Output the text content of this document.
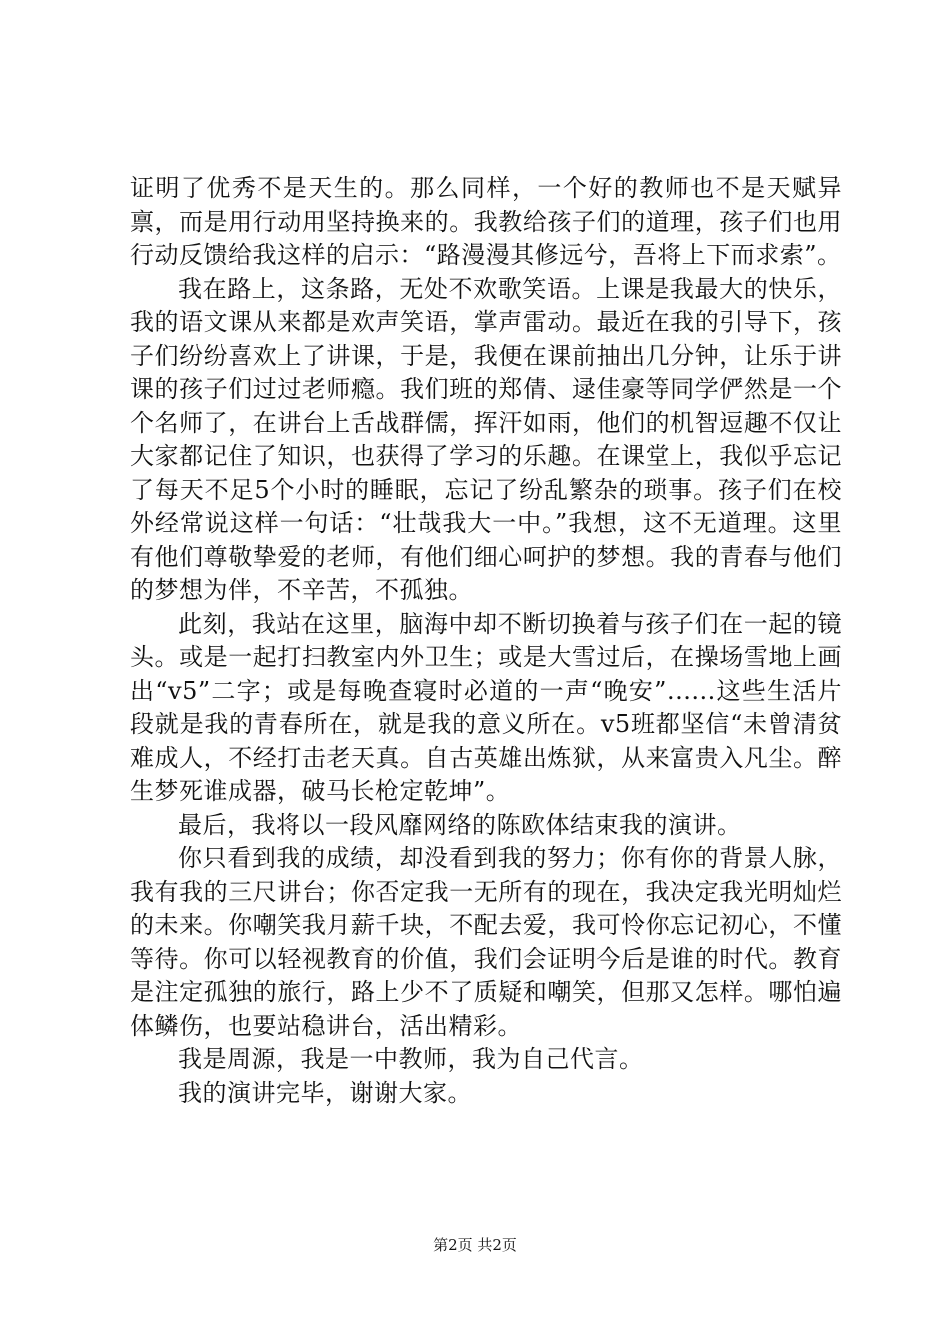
证明了优秀不是天生的。那么同样，一个好的教师也不是天赋异禀，而是用行动用坚持换来的。我教给孩子们的道理，孩子们也用行动反馈给我这样的启示：“路漫漫其修远兮，吾将上下而求索”。

我在路上，这条路，无处不欢歌笑语。上课是我最大的快乐，我的语文课从来都是欢声笑语，掌声雷动。最近在我的引导下，孩子们纷纷喜欢上了讲课，于是，我便在课前抽出几分钟，让乐于讲课的孩子们过过老师瘾。我们班的郑倩、逯佳豪等同学俨然是一个个名师了，在讲台上舌战群儒，挥汗如雨，他们的机智逗趣不仅让大家都记住了知识，也获得了学习的乐趣。在课堂上，我似乎忘记了每天不足5个小时的睡眠，忘记了纷乱繁杂的琐事。孩子们在校外经常说这样一句话：“壮哉我大一中。”我想，这不无道理。这里有他们尊敬挚爱的老师，有他们细心呵护的梦想。我的青春与他们的梦想为伴，不辛苦，不孤独。

此刻，我站在这里，脑海中却不断切换着与孩子们在一起的镜头。或是一起打扫教室内外卫生；或是大雪过后，在操场雪地上画出“v5”二字；或是每晚查寝时必道的一声“晚安”......这些生活片段就是我的青春所在，就是我的意义所在。v5班都坚信“未曾清贫难成人，不经打击老天真。自古英雄出炼狱，从来富贵入凡尘。醉生梦死谁成器，破马长枪定乾坤”。

最后，我将以一段风靡网络的陈欧体结束我的演讲。

你只看到我的成绩，却没看到我的努力；你有你的背景人脉，我有我的三尺讲台；你否定我一无所有的现在，我决定我光明灿烂的未来。你嘲笑我月薪千块，不配去爱，我可怜你忘记初心，不懂等待。你可以轻视教育的价值，我们会证明今后是谁的时代。教育是注定孤独的旅行，路上少不了质疑和嘲笑，但那又怎样。哪怕遍体鳞伤，也要站稳讲台，活出精彩。

我是周源，我是一中教师，我为自己代言。

我的演讲完毕，谢谢大家。

第2页 共2页
